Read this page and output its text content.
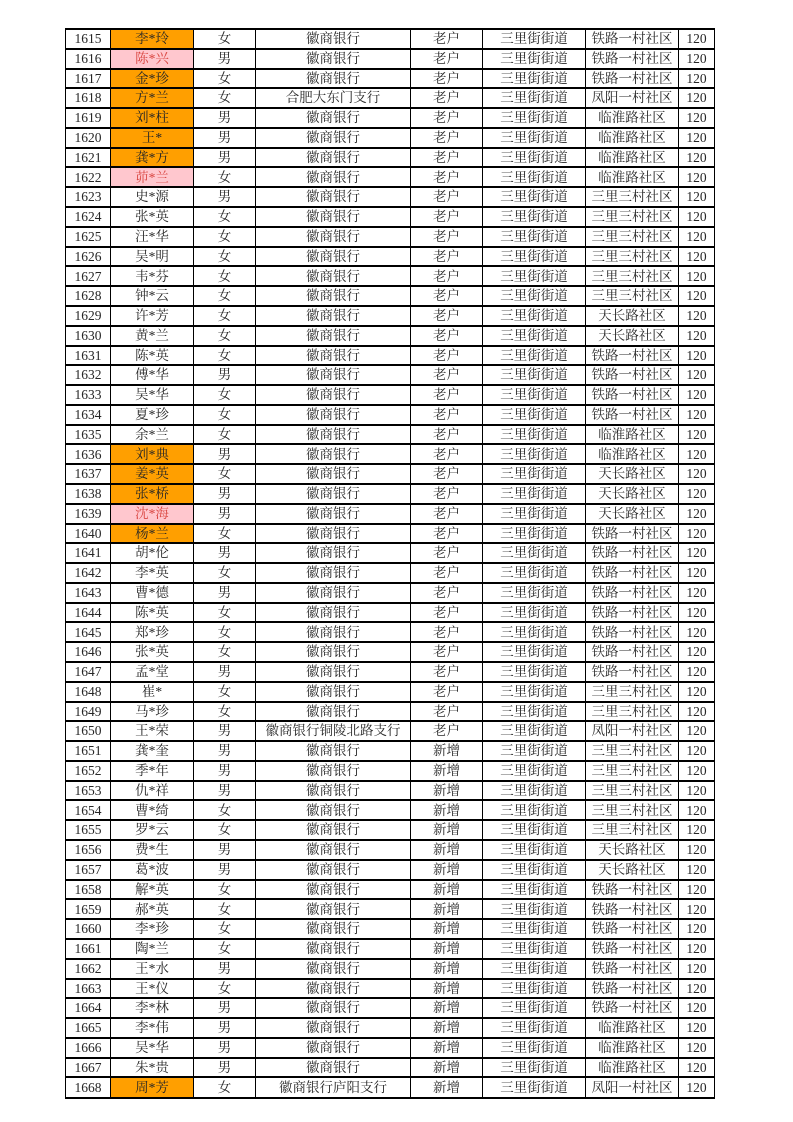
1615	李*玲	女	徽商银行	老户	三里街街道	铁路一村社区	120
1616	陈*兴	男	徽商银行	老户	三里街街道	铁路一村社区	120
1617	金*珍	女	徽商银行	老户	三里街街道	铁路一村社区	120
1618	方*兰	女	合肥大东门支行	老户	三里街街道	凤阳一村社区	120
1619	刘*柱	男	徽商银行	老户	三里街街道	临淮路社区	120
1620	王*	男	徽商银行	老户	三里街街道	临淮路社区	120
1621	龚*方	男	徽商银行	老户	三里街街道	临淮路社区	120
1622	茆*兰	女	徽商银行	老户	三里街街道	临淮路社区	120
1623	史*源	男	徽商银行	老户	三里街街道	三里三村社区	120
1624	张*英	女	徽商银行	老户	三里街街道	三里三村社区	120
1625	汪*华	女	徽商银行	老户	三里街街道	三里三村社区	120
1626	吴*明	女	徽商银行	老户	三里街街道	三里三村社区	120
1627	韦*芬	女	徽商银行	老户	三里街街道	三里三村社区	120
1628	钟*云	女	徽商银行	老户	三里街街道	三里三村社区	120
1629	许*芳	女	徽商银行	老户	三里街街道	天长路社区	120
1630	黄*兰	女	徽商银行	老户	三里街街道	天长路社区	120
1631	陈*英	女	徽商银行	老户	三里街街道	铁路一村社区	120
1632	傅*华	男	徽商银行	老户	三里街街道	铁路一村社区	120
1633	吴*华	女	徽商银行	老户	三里街街道	铁路一村社区	120
1634	夏*珍	女	徽商银行	老户	三里街街道	铁路一村社区	120
1635	余*兰	女	徽商银行	老户	三里街街道	临淮路社区	120
1636	刘*典	男	徽商银行	老户	三里街街道	临淮路社区	120
1637	姜*英	女	徽商银行	老户	三里街街道	天长路社区	120
1638	张*桥	男	徽商银行	老户	三里街街道	天长路社区	120
1639	沈*海	男	徽商银行	老户	三里街街道	天长路社区	120
1640	杨*兰	女	徽商银行	老户	三里街街道	铁路一村社区	120
1641	胡*伦	男	徽商银行	老户	三里街街道	铁路一村社区	120
1642	李*英	女	徽商银行	老户	三里街街道	铁路一村社区	120
1643	曹*德	男	徽商银行	老户	三里街街道	铁路一村社区	120
1644	陈*英	女	徽商银行	老户	三里街街道	铁路一村社区	120
1645	郑*珍	女	徽商银行	老户	三里街街道	铁路一村社区	120
1646	张*英	女	徽商银行	老户	三里街街道	铁路一村社区	120
1647	孟*堂	男	徽商银行	老户	三里街街道	铁路一村社区	120
1648	崔*	女	徽商银行	老户	三里街街道	三里三村社区	120
1649	马*珍	女	徽商银行	老户	三里街街道	三里三村社区	120
1650	王*荣	男	徽商银行铜陵北路支行	老户	三里街街道	凤阳一村社区	120
1651	龚*奎	男	徽商银行	新增	三里街街道	三里三村社区	120
1652	季*年	男	徽商银行	新增	三里街街道	三里三村社区	120
1653	仇*祥	男	徽商银行	新增	三里街街道	三里三村社区	120
1654	曹*绮	女	徽商银行	新增	三里街街道	三里三村社区	120
1655	罗*云	女	徽商银行	新增	三里街街道	三里三村社区	120
1656	费*生	男	徽商银行	新增	三里街街道	天长路社区	120
1657	葛*波	男	徽商银行	新增	三里街街道	天长路社区	120
1658	解*英	女	徽商银行	新增	三里街街道	铁路一村社区	120
1659	郝*英	女	徽商银行	新增	三里街街道	铁路一村社区	120
1660	李*珍	女	徽商银行	新增	三里街街道	铁路一村社区	120
1661	陶*兰	女	徽商银行	新增	三里街街道	铁路一村社区	120
1662	王*水	男	徽商银行	新增	三里街街道	铁路一村社区	120
1663	王*仪	女	徽商银行	新增	三里街街道	铁路一村社区	120
1664	李*林	男	徽商银行	新增	三里街街道	铁路一村社区	120
1665	李*伟	男	徽商银行	新增	三里街街道	临淮路社区	120
1666	吴*华	男	徽商银行	新增	三里街街道	临淮路社区	120
1667	朱*贵	男	徽商银行	新增	三里街街道	临淮路社区	120
1668	周*芳	女	徽商银行庐阳支行	新增	三里街街道	凤阳一村社区	120
